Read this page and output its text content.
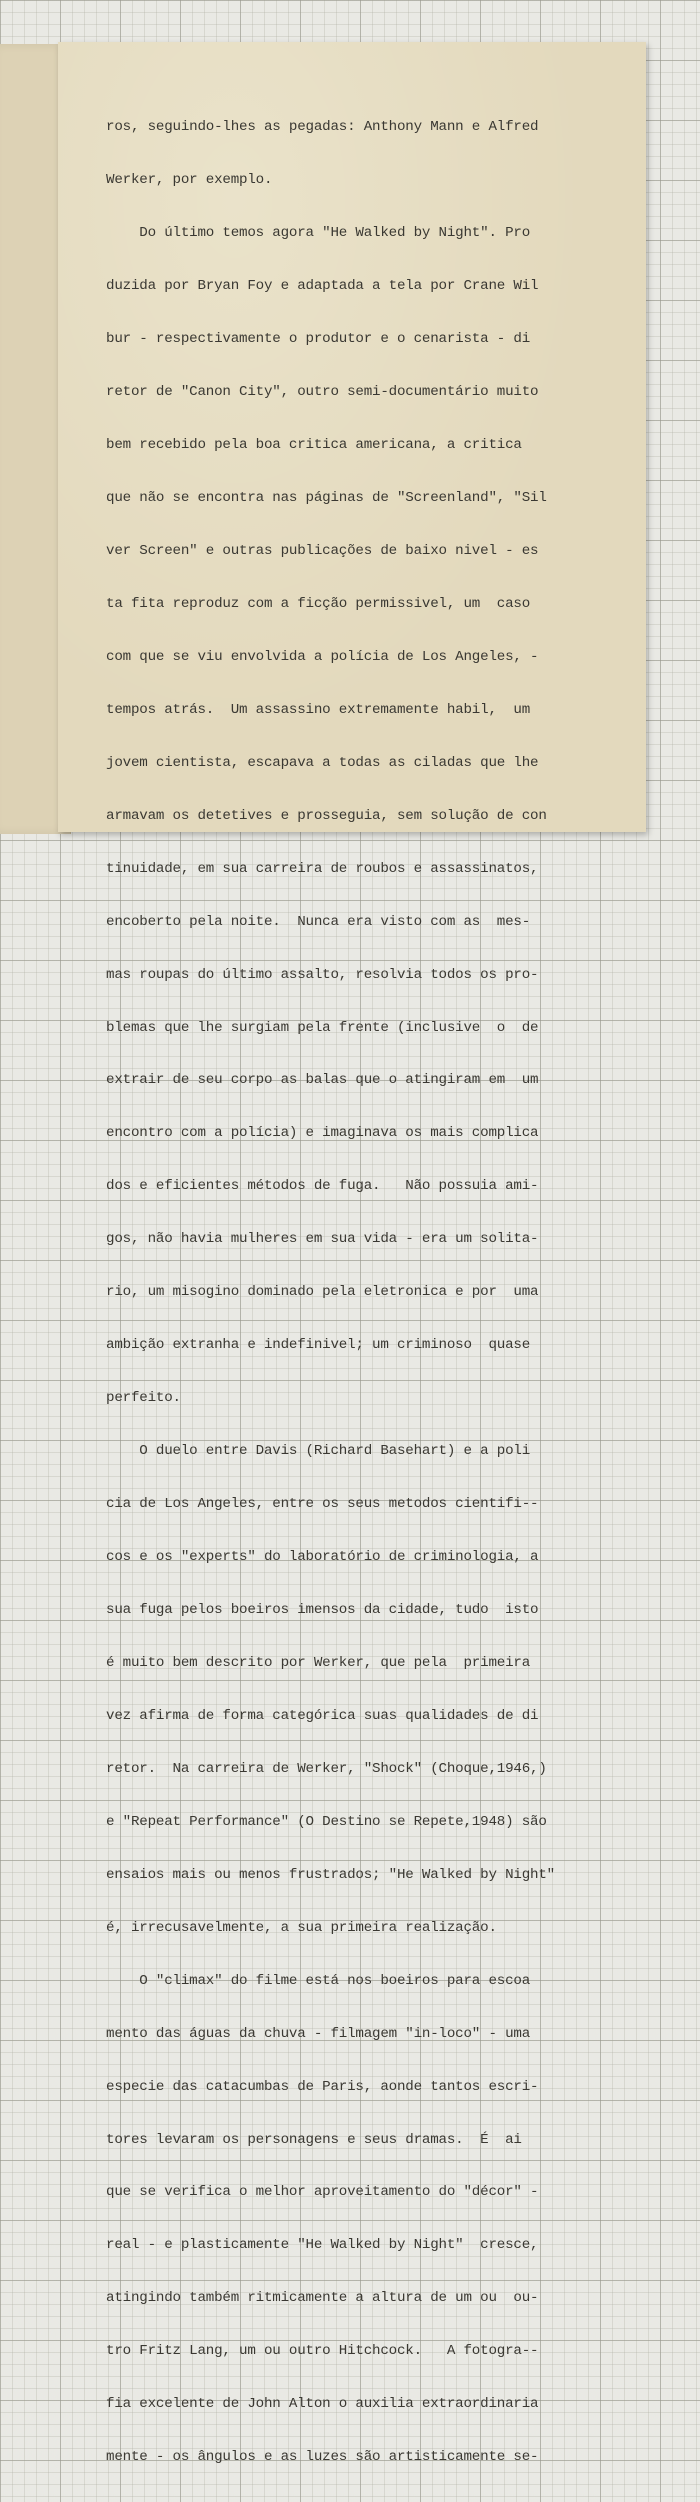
ros, seguindo-lhes as pegadas: Anthony Mann e Alfred

Werker, por exemplo.

Do último temos agora "He Walked by Night". Pro

duzida por Bryan Foy e adaptada a tela por Crane Wil

bur - respectivamente o produtor e o cenarista - di

retor de "Canon City", outro semi-documentário muito

bem recebido pela boa critica americana, a critica

que não se encontra nas páginas de "Screenland", "Sil

ver Screen" e outras publicações de baixo nivel - es

ta fita reproduz com a ficção permissivel, um  caso

com que se viu envolvida a polícia de Los Angeles, -

tempos atrás.  Um assassino extremamente habil,  um

jovem cientista, escapava a todas as ciladas que lhe

armavam os detetives e prosseguia, sem solução de con

tinuidade, em sua carreira de roubos e assassinatos,

encoberto pela noite.  Nunca era visto com as  mes-

mas roupas do último assalto, resolvia todos os pro-

blemas que lhe surgiam pela frente (inclusive  o  de

extrair de seu corpo as balas que o atingiram em  um

encontro com a polícia) e imaginava os mais complica

dos e eficientes métodos de fuga.   Não possuia ami-

gos, não havia mulheres em sua vida - era um solita-

rio, um misogino dominado pela eletronica e por  uma

ambição extranha e indefinivel; um criminoso  quase

perfeito.

O duelo entre Davis (Richard Basehart) e a poli

cia de Los Angeles, entre os seus metodos cientifi--

cos e os "experts" do laboratório de criminologia, a

sua fuga pelos boeiros imensos da cidade, tudo  isto

é muito bem descrito por Werker, que pela  primeira

vez afirma de forma categórica suas qualidades de di

retor.  Na carreira de Werker, "Shock" (Choque,1946,)

e "Repeat Performance" (O Destino se Repete,1948) são

ensaios mais ou menos frustrados; "He Walked by Night"

é, irrecusavelmente, a sua primeira realização.

O "climax" do filme está nos boeiros para escoa

mento das águas da chuva - filmagem "in-loco" - uma

especie das catacumbas de Paris, aonde tantos escri-

tores levaram os personagens e seus dramas.  É  ai

que se verifica o melhor aproveitamento do "décor" -

real - e plasticamente "He Walked by Night"  cresce,

atingindo também ritmicamente a altura de um ou  ou-

tro Fritz Lang, um ou outro Hitchcock.   A fotogra--

fia excelente de John Alton o auxilia extraordinaria

mente - os ângulos e as luzes são artisticamente se-
